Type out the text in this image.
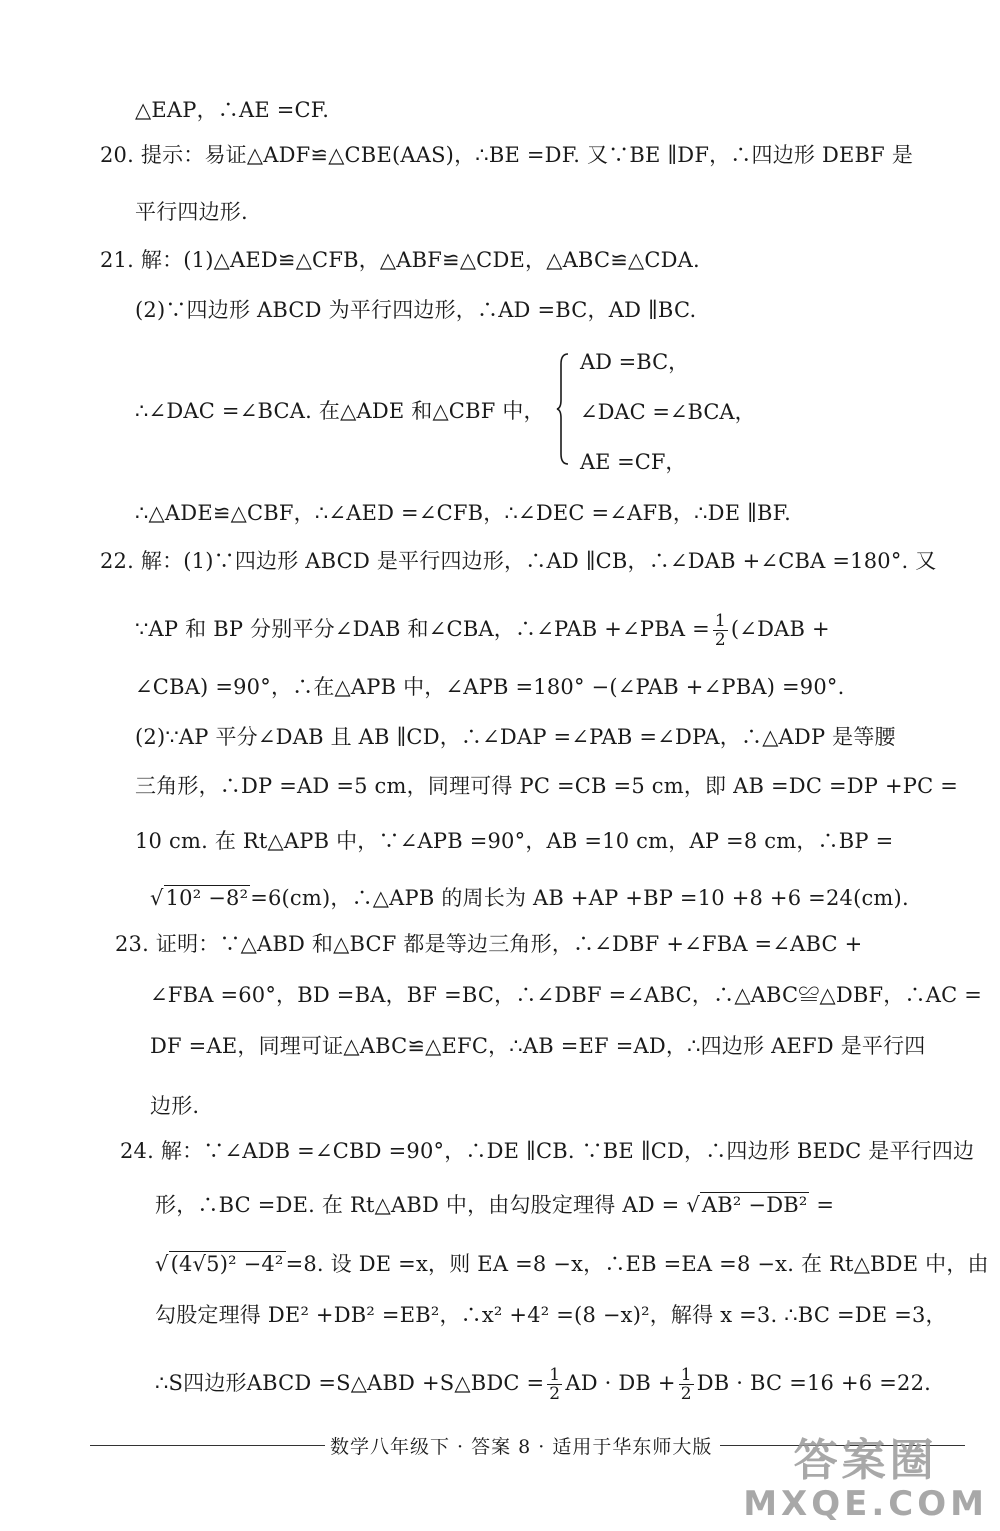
△EAP，∴AE =CF.
20. 提示：易证△ADF≌△CBE(AAS)，∴BE =DF. 又∵BE ∥DF，∴四边形 DEBF 是
平行四边形.
21. 解：(1)△AED≌△CFB，△ABF≌△CDE，△ABC≌△CDA.
(2)∵四边形 ABCD 为平行四边形，∴AD =BC，AD ∥BC.
AD =BC，
∠DAC =∠BCA，
AE =CF，
∴∠DAC =∠BCA. 在△ADE 和△CBF 中，
∴△ADE≌△CBF，∴∠AED =∠CFB，∴∠DEC =∠AFB，∴DE ∥BF.
22. 解：(1)∵四边形 ABCD 是平行四边形，∴AD ∥CB，∴∠DAB +∠CBA =180°. 又
∵AP 和 BP 分别平分∠DAB 和∠CBA，∴∠PAB +∠PBA = $\frac{1}{2}$ (∠DAB +
∠CBA) =90°，∴在△APB 中，∠APB =180° −(∠PAB +∠PBA) =90°.
(2)∵AP 平分∠DAB 且 AB ∥CD，∴∠DAP =∠PAB =∠DPA，∴△ADP 是等腰
三角形，∴DP =AD =5 cm，同理可得 PC =CB =5 cm，即 AB =DC =DP +PC =
10 cm. 在 Rt△APB 中，∵∠APB =90°，AB =10 cm，AP =8 cm，∴BP =
√10² −8²=6(cm)，∴△APB 的周长为 AB +AP +BP =10 +8 +6 =24(cm).
23. 证明：∵△ABD 和△BCF 都是等边三角形，∴∠DBF +∠FBA =∠ABC +
∠FBA =60°，BD =BA，BF =BC，∴∠DBF =∠ABC，∴△ABC≌△DBF，∴AC =
DF =AE，同理可证△ABC≌△EFC，∴AB =EF =AD，∴四边形 AEFD 是平行四
边形.
24. 解：∵∠ADB =∠CBD =90°，∴DE ∥CB. ∵BE ∥CD，∴四边形 BEDC 是平行四边
形，∴BC =DE. 在 Rt△ABD 中，由勾股定理得 AD = √AB² −DB² =
√(4√5)² −4²=8. 设 DE =x，则 EA =8 −x，∴EB =EA =8 −x. 在 Rt△BDE 中，由
勾股定理得 DE² +DB² =EB²，∴x² +4² =(8 −x)²，解得 x =3. ∴BC =DE =3，
∴S四边形ABCD =S△ABD +S△BDC = $\frac{1}{2}$ AD · DB + $\frac{1}{2}$ DB · BC =16 +6 =22.
数学八年级下 · 答案 8 · 适用于华东师大版	答案圈
MXQE.COM
